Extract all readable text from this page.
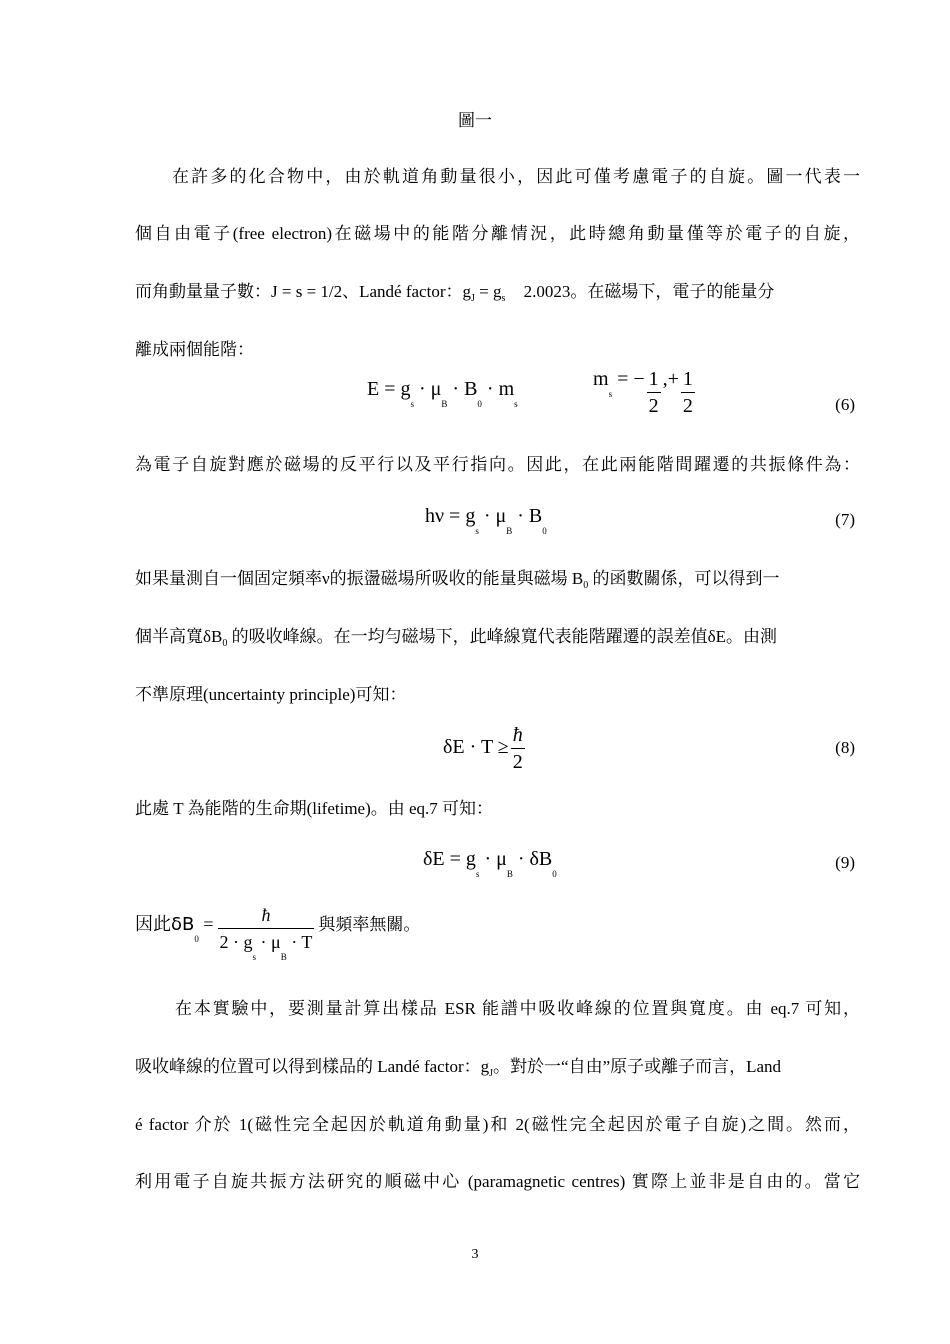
圖一
在許多的化合物中，由於軌道角動量很小，因此可僅考慮電子的自旋。圖一代表一
個自由電子(free electron)在磁場中的能階分離情況，此時總角動量僅等於電子的自旋，
而角動量量子數：J = s = 1/2、Landé factor：$g_J = g_s$ 2.0023。在磁場下，電子的能量分
離成兩個能階：
$E = g_s \cdot \mu_B \cdot B_0 \cdot m_s$
ms = − $\frac{1}{2}$ ,+ $\frac{1}{2}$	(6)
為電子自旋對應於磁場的反平行以及平行指向。因此，在此兩能階間躍遷的共振條件為：
$h\nu = g_s \cdot \mu_B \cdot B_0$
(7)
如果量測自一個固定頻率ν的振盪磁場所吸收的能量與磁場 $B_0$ 的函數關係，可以得到一
個半高寬$\delta B_0$ 的吸收峰線。在一均勻磁場下，此峰線寬代表能階躍遷的誤差值δE。由測
不準原理(uncertainty principle)可知：
$\delta E \cdot T \ge \frac{ħ}{2}$	(8)
此處 T 為能階的生命期(lifetime)。由 eq.7 可知：
$\delta E = g_s \cdot \mu_B \cdot \delta B_0$
(9)
因此$\delta B_0 = \frac{ħ}{2 \cdot g_s \cdot \mu_B \cdot T}$ 與頻率無關。
在本實驗中，要測量計算出樣品 ESR 能譜中吸收峰線的位置與寬度。由 eq.7 可知，
吸收峰線的位置可以得到樣品的 Landé factor：$g_J$。對於一“自由”原子或離子而言，Land
é factor 介於 1(磁性完全起因於軌道角動量)和 2(磁性完全起因於電子自旋)之間。然而，
利用電子自旋共振方法研究的順磁中心 (paramagnetic centres) 實際上並非是自由的。當它
3
